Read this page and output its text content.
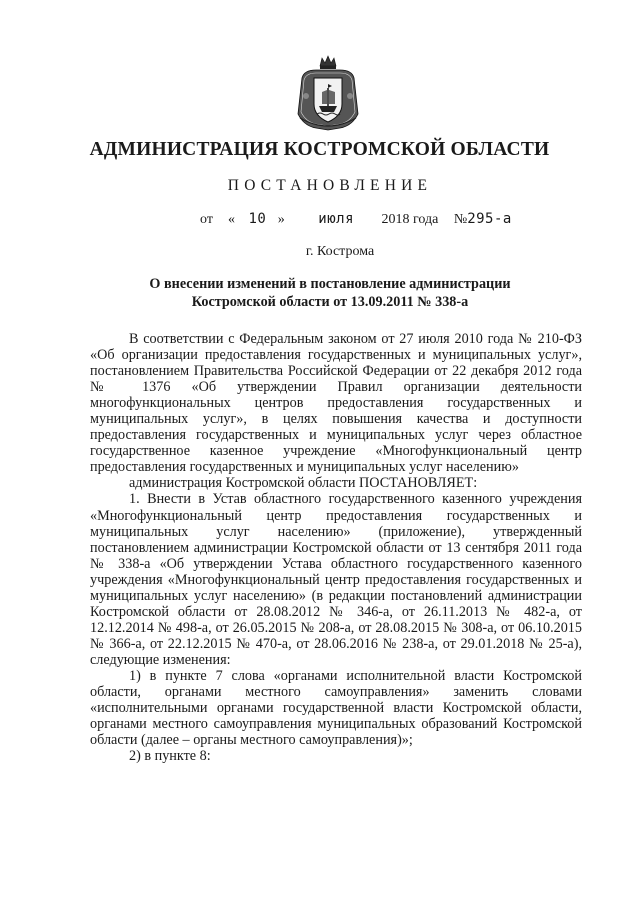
АДМИНИСТРАЦИЯ КОСТРОМСКОЙ ОБЛАСТИ
ПОСТАНОВЛЕНИЕ
от « 10 » июля 2018 года №295-а
г. Кострома
О внесении изменений в постановление администрации
Костромской области от 13.09.2011 № 338-а

В соответствии с Федеральным законом от 27 июля 2010 года № 210-ФЗ «Об организации предоставления государственных и муниципальных услуг», постановлением Правительства Российской Федерации от 22 декабря 2012 года № 1376 «Об утверждении Правил организации деятельности многофункциональных центров предоставления государственных и муниципальных услуг», в целях повышения качества и доступности предоставления государственных и муниципальных услуг через областное государственное казенное учреждение «Многофункциональный центр предоставления государственных и муниципальных услуг населению»

администрация Костромской области ПОСТАНОВЛЯЕТ:

1. Внести в Устав областного государственного казенного учреждения «Многофункциональный центр предоставления государственных и муниципальных услуг населению» (приложение), утвержденный постановлением администрации Костромской области от 13 сентября 2011 года № 338-а «Об утверждении Устава областного государственного казенного учреждения «Многофункциональный центр предоставления государственных и муниципальных услуг населению» (в редакции постановлений администрации Костромской области от 28.08.2012 № 346-а, от 26.11.2013 № 482-а, от 12.12.2014 № 498-а, от 26.05.2015 № 208-а, от 28.08.2015 № 308-а, от 06.10.2015 № 366-а, от 22.12.2015 № 470-а, от 28.06.2016 № 238-а, от 29.01.2018 № 25-а), следующие изменения:

1) в пункте 7 слова «органами исполнительной власти Костромской области, органами местного самоуправления» заменить словами «исполнительными органами государственной власти Костромской области, органами местного самоуправления муниципальных образований Костромской области (далее – органы местного самоуправления)»;

2) в пункте 8:
